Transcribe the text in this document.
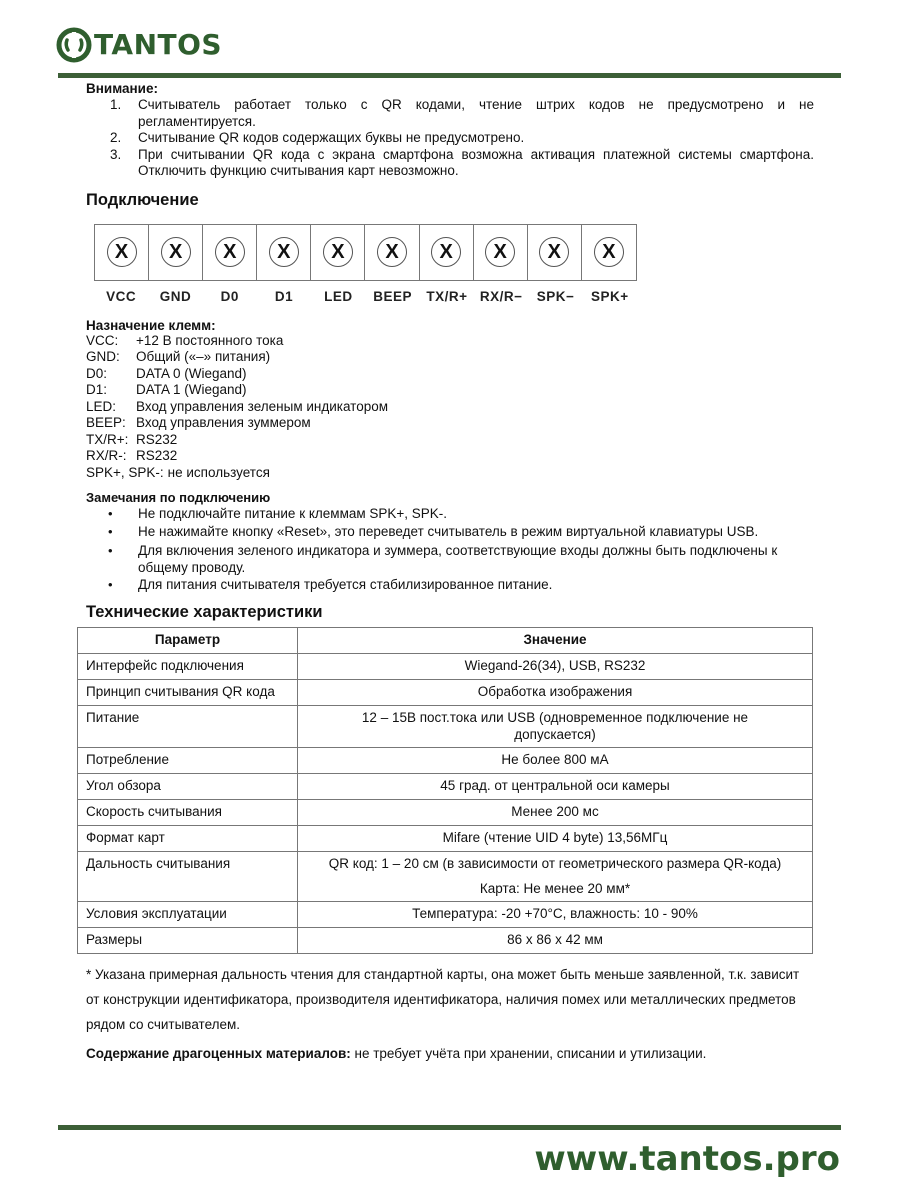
TANTOS
Внимание:
1.	Считыватель работает только с QR кодами, чтение штрих кодов не предусмотрено и не регламентируется.
2.	Считывание QR кодов содержащих буквы не предусмотрено.
3.	При считывании QR кода с экрана смартфона возможна активация платежной системы смартфона. Отключить функцию считывания карт невозможно.
Подключение
X	X	X	X	X	X	X	X	X	X
VCC	GND	D0	D1	LED	BEEP	TX/R+ RX/R−	SPK−	SPK+
Назначение клемм:
VCC:	+12 В постоянного тока
GND:	Общий («–» питания)
D0:	DATA 0 (Wiegand)
D1:	DATA 1 (Wiegand)
LED:	Вход управления зеленым индикатором
BEEP: Вход управления зуммером
TX/R+: RS232
RX/R-: RS232
SPK+, SPK-: не используется
Замечания по подключению
•	Не подключайте питание к клеммам SPK+, SPK-.
•	Не нажимайте кнопку «Reset», это переведет считыватель в режим виртуальной клавиатуры USB.
•	Для включения зеленого индикатора и зуммера, соответствующие входы должны быть подключены к общему проводу.
•	Для питания считывателя требуется стабилизированное питание.
Технические характеристики
Параметр	Значение
Интерфейс подключения	Wiegand-26(34), USB, RS232
Принцип считывания QR кода	Обработка изображения
Питание	12 – 15В пост.тока или USB (одновременное подключение не допускается)
Потребление	Не более 800 мА
Угол обзора	45 град. от центральной оси камеры
Скорость считывания	Менее 200 мс
Формат карт	Mifare (чтение UID 4 byte) 13,56МГц
Дальность считывания	QR код: 1 – 20 см (в зависимости от геометрического размера QR-кода)
Карта: Не менее 20 мм*

Условия эксплуатации	Температура: -20 +70°C, влажность: 10 - 90%
Размеры	86 x 86 x 42 мм
* Указана примерная дальность чтения для стандартной карты, она может быть меньше заявленной, т.к. зависит от конструкции идентификатора, производителя идентификатора, наличия помех или металлических предметов рядом со считывателем.
Содержание драгоценных материалов: не требует учёта при хранении, списании и утилизации.
www.tantos.pro
